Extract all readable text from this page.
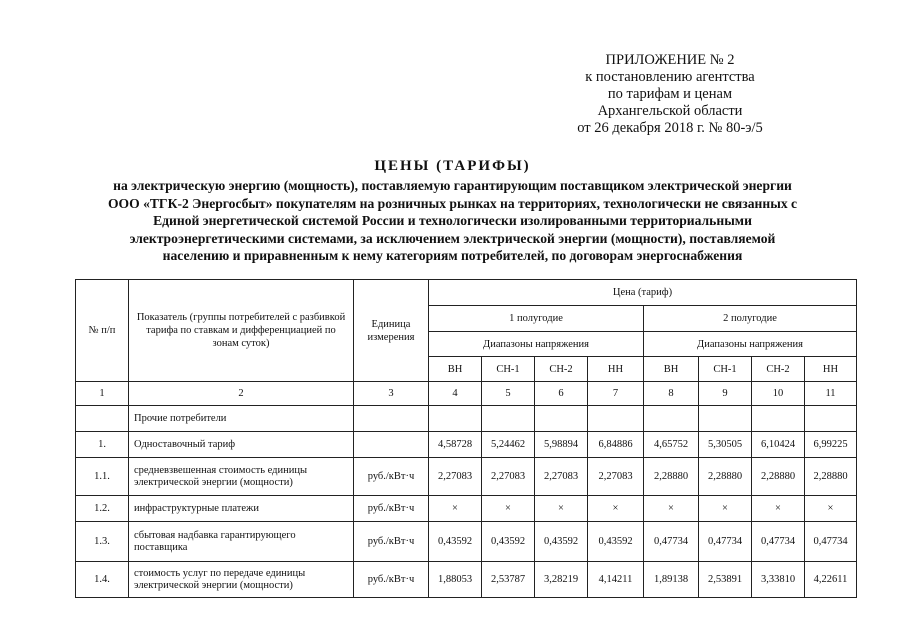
ПРИЛОЖЕНИЕ № 2
к постановлению агентства
по тарифам и ценам
Архангельской области
от 26 декабря 2018 г. № 80-э/5
ЦЕНЫ (ТАРИФЫ)
на электрическую энергию (мощность), поставляемую гарантирующим поставщиком электрической энергии
ООО «ТГК-2 Энергосбыт» покупателям на розничных рынках на территориях, технологически не связанных с
Единой энергетической системой России и технологически изолированными территориальными
электроэнергетическими системами, за исключением электрической энергии (мощности), поставляемой
населению и приравненным к нему категориям потребителей, по договорам энергоснабжения
№ п/п	Показатель (группы потребителей с разбивкой тарифа по ставкам и дифференциацией по зонам суток)	Единица измерения	Цена (тариф)							
			1 полугодие				2 полугодие			
			Диапазоны напряжения				Диапазоны напряжения			
			ВН	СН-1	СН-2	НН	ВН	СН-1	СН-2	НН
1	2	3	4	5	6	7	8	9	10	11
	Прочие потребители									
1.	Одноставочный тариф		4,58728	5,24462	5,98894	6,84886	4,65752	5,30505	6,10424	6,99225
1.1.	средневзвешенная стоимость единицы электрической энергии (мощности)	руб./кВт·ч	2,27083	2,27083	2,27083	2,27083	2,28880	2,28880	2,28880	2,28880
1.2.	инфраструктурные платежи	руб./кВт·ч	×	×	×	×	×	×	×	×
1.3.	сбытовая надбавка гарантирующего поставщика	руб./кВт·ч	0,43592	0,43592	0,43592	0,43592	0,47734	0,47734	0,47734	0,47734
1.4.	стоимость услуг по передаче единицы электрической энергии (мощности)	руб./кВт·ч	1,88053	2,53787	3,28219	4,14211	1,89138	2,53891	3,33810	4,22611
